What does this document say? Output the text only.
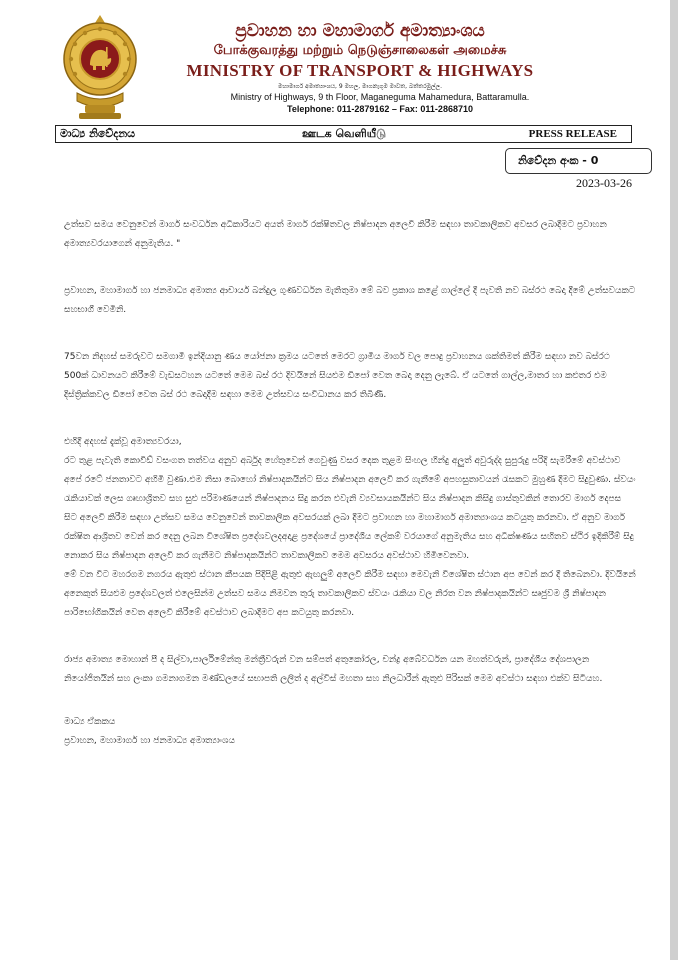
ප්‍රවාහන හා මහාමාර්ග අමාත්‍යාංශය
போக்குவரத்து மற்றும் நெடுஞ்சாலைகள் அமைச்சு
MINISTRY OF TRANSPORT & HIGHWAYS
මහාමාර්ග අමාත්‍යාංශය, 9 මහල, මාගනැගුම මාවත, බත්තරමුල්ල.
Ministry of Highways, 9 th Floor, Maganeguma Mahamedura, Battaramulla.
Telephone: 011-2879162 – Fax: 011-2868710
මාධ්‍ය නිවේදනය	ஊடக வெளியீடு	PRESS RELEASE
නිවේදන අංක - 0
2023-03-26

උත්සව සමය වෙනුවෙන් මාර්ග සංවර්ධන අධිකාරියට අයත් මාර්ග රක්ෂිතවල නිෂ්පාදන අලෙවි කිරීම සඳහා තාවකාලිකව අවසර ලබාදීමට ප්‍රවාහන අමාත්‍යවරයාගෙන් අනුමැතිය. "

ප්‍රවාහන, මහාමාර්ග හා ජනමාධ්‍ය අමාත්‍ය ආචාර්ය බන්දුල ගුණවර්ධන මැතිතුමා මේ බව ප්‍රකාශ කළේ ගාල්ලේ දී පැවති නව බස්රථ බෙදා දීමේ උත්සවයකට සහභාගී වෙමිනි.

75වන නිදහස් සමරුවට සමගාමී ඉන්දියානු ණය යෝජනා ක්‍රමය යටතේ මෙරට ග්‍රාමීය මාර්ග වල පොදු ප්‍රවාහනය ශක්තිමත් කිරීම සඳහා නව බස්රථ 500ක් ධාවනයට කිරීමේ වැඩසටහන යටතේ මෙම බස් රථ දිවයිනේ සියළුම ඩිපෝ වෙත බෙදා දෙනු ලැබේ. ඒ යටතේ ගාල්ල,මාතර හා කළුතර එම දිස්ත්‍රික්කවල ඩිපෝ වෙත බස් රථ බෙදාදීම සඳහා මෙම උත්සවය සංවිධානය කර තිබිණි.

එහිදී අදහස් දැක්වූ අමාත්‍යවරයා,
රට තුළ පැවැති කොවිඩ් වසංගත තත්වය අනුව අර්බුද හේතුවෙන් ගෙවුණු වසර දෙක තුළම සිංහල හින්දු අලුත් අවුරුද්ද සුපුරුදු පරිදි සැමරීමේ අවස්ථාව අපේ රටේ ජනතාවට අහිමි වුණා.එම නිසා බොහෝ නිෂ්පාදකයින්ට සිය නිෂ්පාදන අලෙවි කර ගැනීමේ අපහසුතාවයන් රැසකට මුහුණ දීමට සිදුවුණා. ස්වයං රැකියාවක් ලෙස ගෘහාශ්‍රිතව සහ සුළු පරිමාණයෙන් නිෂ්පාදනය සිදු කරන එවැනි ව්‍යවසායකයින්ට සිය නිෂ්පාදන කිසිදු ගාස්තුවකින් තොරව මාර්ග දෙපස සිට අලෙවි කිරීම සඳහා උත්සව සමය වෙනුවෙන් තාවකාලික අවසරයක් ලබා දීමට ප්‍රවාහන හා මහාමාර්ග අමාත්‍යාංශය කටයුතු කරනවා. ඒ අනුව මාර්ග රක්ෂිත ආශ්‍රිතව වෙන් කර දෙනු ලබන විශේෂිත ප්‍රදේශවලදඅදාළ ප්‍රදේශයේ ප්‍රාදේශීය ලේකම් වරයාගේ අනුමැතිය සහ අධීක්ෂණය සහිතව ස්ථිර ඉදිකිරීම් සිදු නොකර සිය නිෂ්පාදන අලෙවි කර ගැනීමට නිෂ්පාදකයින්ට තාවකාලිකව මෙම අවසරය අවස්ථාව හිමිවෙනවා.
මේ වන විට මහරගම නගරය ඇතුළු ස්ථාන කීපයක පිදිපිළි ඇතුළු ඇඟලුම් අලෙවි කිරීම සඳහා මෙවැනි විශේෂිත ස්ථාන අප වෙන් කර දී තිබෙනවා. දිවයිනේ අනෙකුත් සියළුම ප්‍රදේශවලත් එලෙසින්ම උත්සව සමය නිමවන තුරු තාවකාලිකව ස්වයං රැකියා වල නිරත වන නිෂ්පාදකයින්ට සෘජුවම ශ්‍රී නිෂ්පාදන පාරිභෝගිකයින් වෙත අලෙවි කිරීමේ අවස්ථාව ලබාදීමට අප කටයුතු කරනවා.

රාජ්‍ය අමාත්‍ය මොහාන් පී ද සිල්වා,පාර්ලිමේන්තු මන්ත්‍රීවරුන් වන සම්පත් අතුකෝරල, චන්ද්‍ර අබේවර්ධන යන මහත්වරුන්, ප්‍රාදේශීය දේශපාලන නියෝජිතයින් සහ ලංකා ගමනාගමන මණ්ඩලයේ සභාපති ලලිත් ද අල්විස් මහතා සහ නිලධාරීන් ඇතුළු පිරිසක් මෙම අවස්ථා සඳහා එක්ව සිටියහ.

මාධ්‍ය ඒකකය

ප්‍රවාහන, මහාමාර්ග හා ජනමාධ්‍ය අමාත්‍යාංශය
